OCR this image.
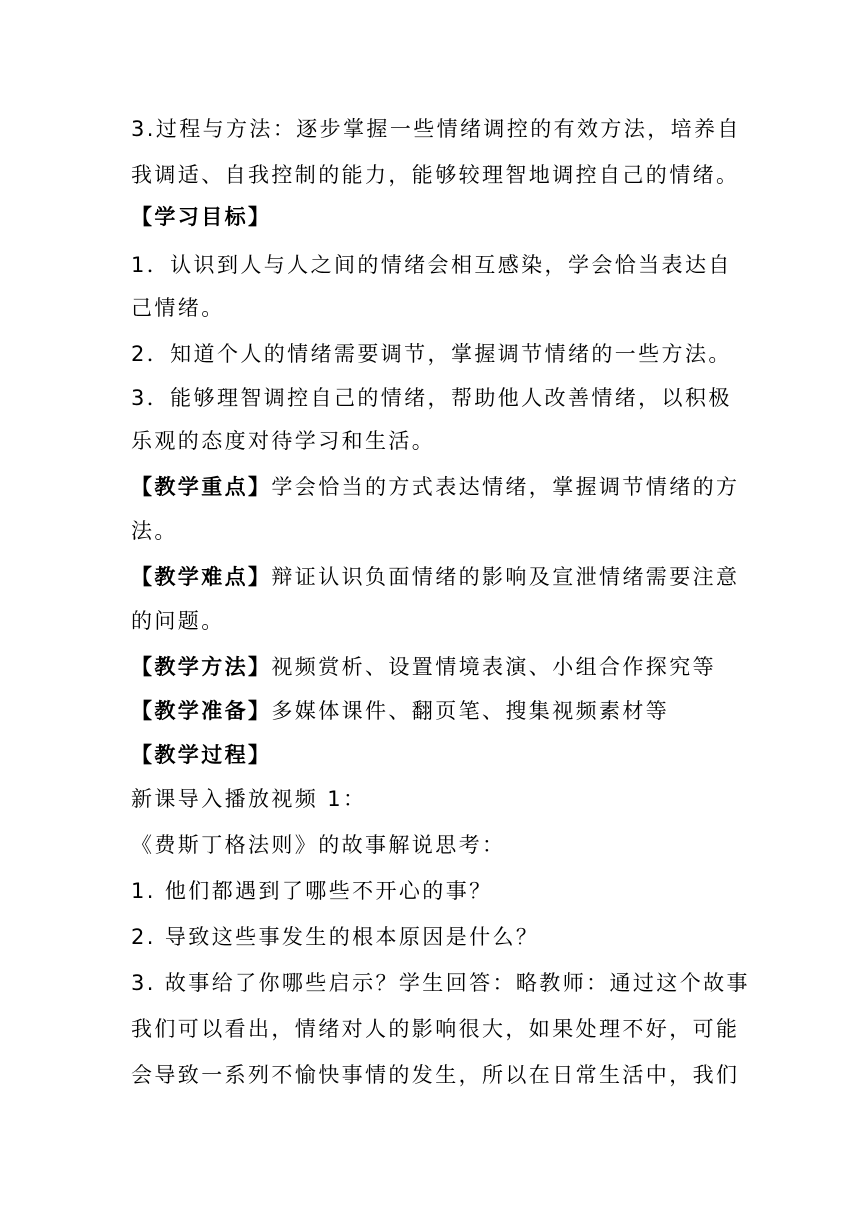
3.过程与方法：逐步掌握一些情绪调控的有效方法，培养自
我调适、自我控制的能力，能够较理智地调控自己的情绪。
【学习目标】
1．认识到人与人之间的情绪会相互感染，学会恰当表达自
己情绪。
2．知道个人的情绪需要调节，掌握调节情绪的一些方法。
3．能够理智调控自己的情绪，帮助他人改善情绪，以积极
乐观的态度对待学习和生活。
【教学重点】学会恰当的方式表达情绪，掌握调节情绪的方
法。
【教学难点】辩证认识负面情绪的影响及宣泄情绪需要注意
的问题。
【教学方法】视频赏析、设置情境表演、小组合作探究等
【教学准备】多媒体课件、翻页笔、搜集视频素材等
【教学过程】
新课导入播放视频 1：
《费斯丁格法则》的故事解说思考：
1. 他们都遇到了哪些不开心的事？
2. 导致这些事发生的根本原因是什么？
3. 故事给了你哪些启示？学生回答：略教师：通过这个故事
我们可以看出，情绪对人的影响很大，如果处理不好，可能
会导致一系列不愉快事情的发生，所以在日常生活中，我们
